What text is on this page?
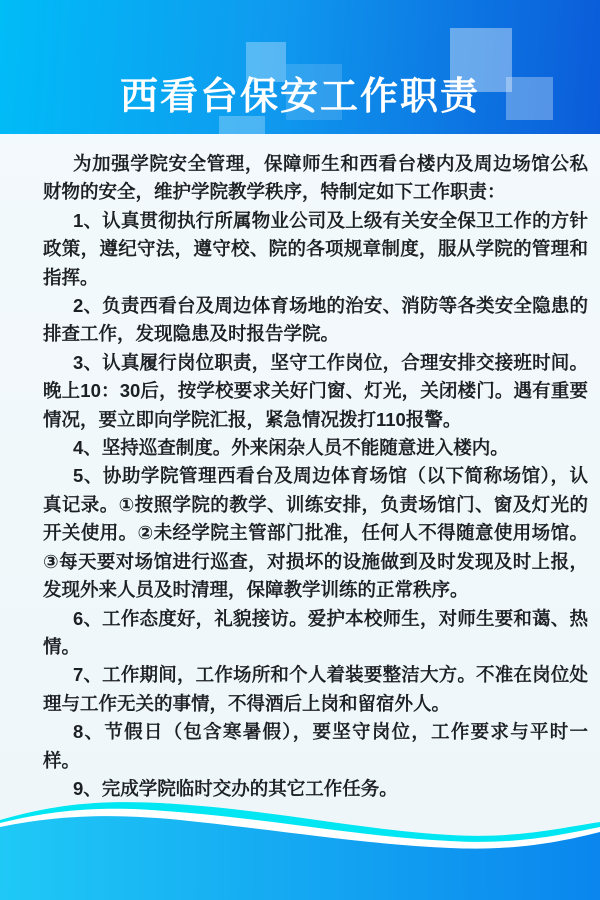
西看台保安工作职责

为加强学院安全管理，保障师生和西看台楼内及周边场馆公私财物的安全，维护学院教学秩序，特制定如下工作职责：

1、认真贯彻执行所属物业公司及上级有关安全保卫工作的方针政策，遵纪守法，遵守校、院的各项规章制度，服从学院的管理和指挥。

2、负责西看台及周边体育场地的治安、消防等各类安全隐患的排查工作，发现隐患及时报告学院。

3、认真履行岗位职责，坚守工作岗位，合理安排交接班时间。晚上10：30后，按学校要求关好门窗、灯光，关闭楼门。遇有重要情况，要立即向学院汇报，紧急情况拨打110报警。

4、坚持巡查制度。外来闲杂人员不能随意进入楼内。

5、协助学院管理西看台及周边体育场馆（以下简称场馆），认真记录。①按照学院的教学、训练安排，负责场馆门、窗及灯光的开关使用。②未经学院主管部门批准，任何人不得随意使用场馆。③每天要对场馆进行巡查，对损坏的设施做到及时发现及时上报，发现外来人员及时清理，保障教学训练的正常秩序。

6、工作态度好，礼貌接访。爱护本校师生，对师生要和蔼、热情。

7、工作期间，工作场所和个人着装要整洁大方。不准在岗位处理与工作无关的事情，不得酒后上岗和留宿外人。

8、节假日（包含寒暑假），要坚守岗位，工作要求与平时一样。

9、完成学院临时交办的其它工作任务。
